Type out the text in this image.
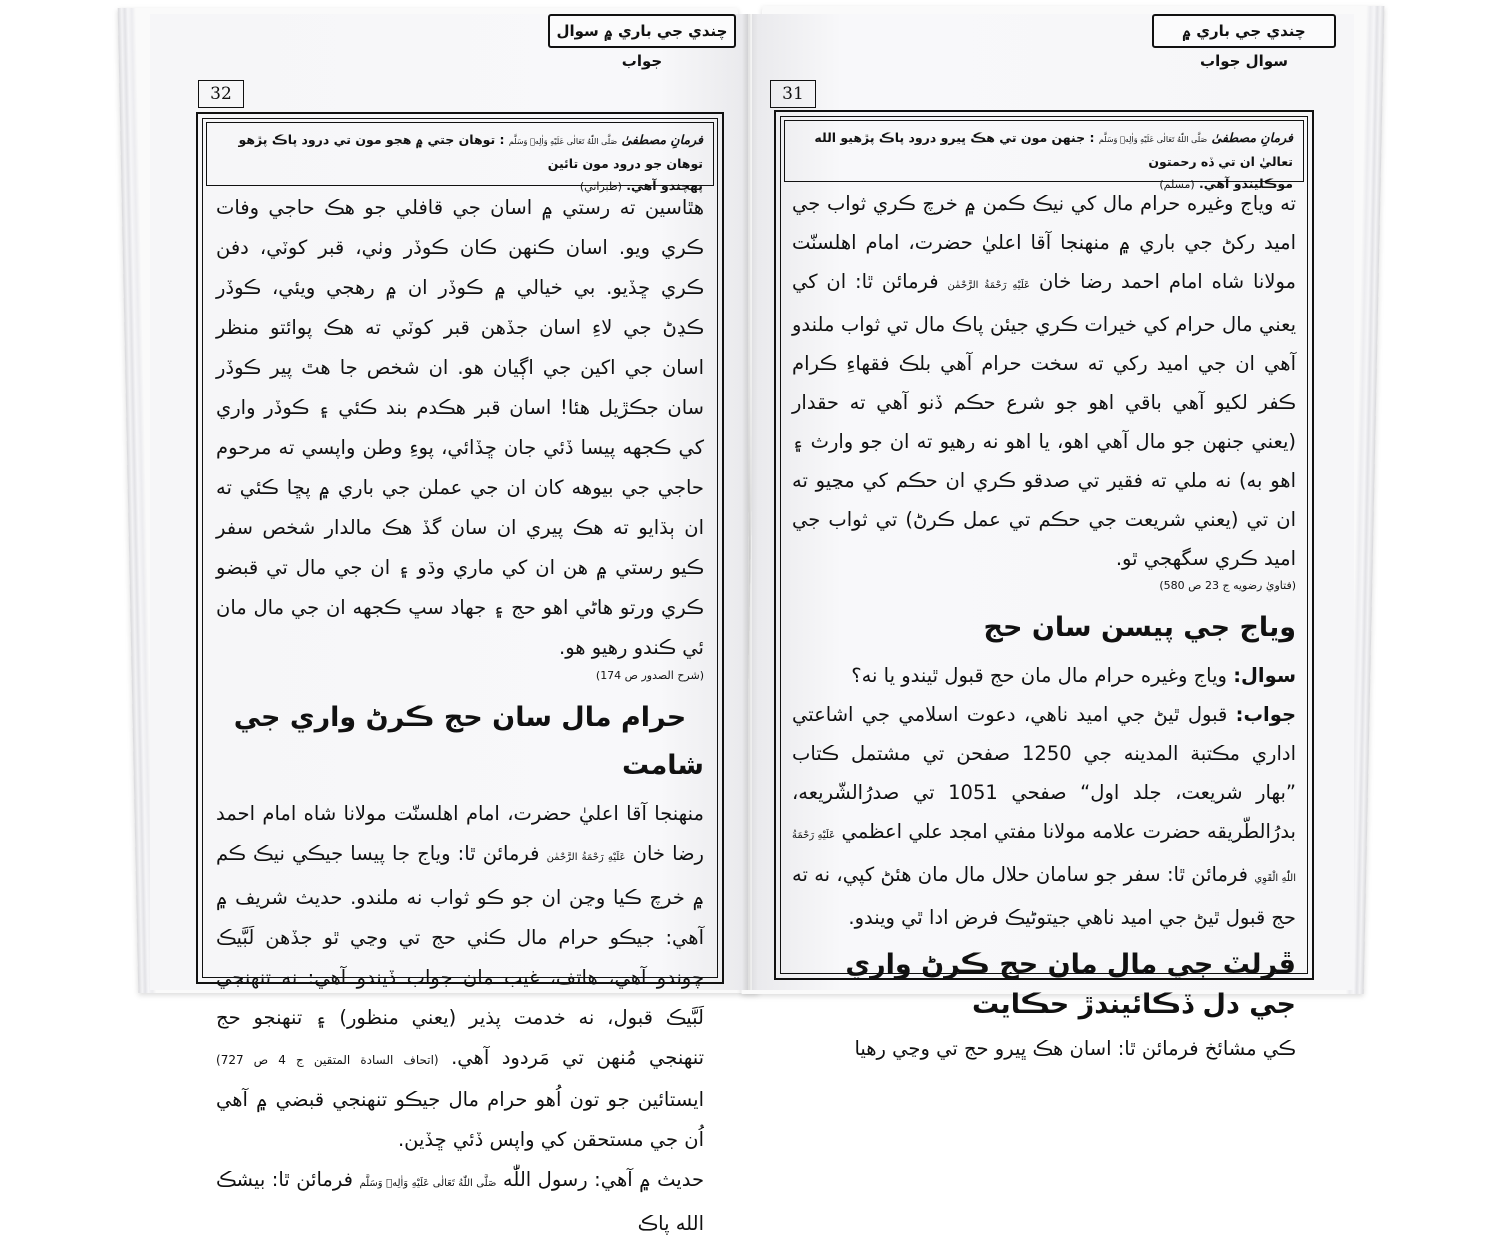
چندي جي باري ۾ سوال جواب
32
فرمانِ مصطفیٰ صَلَّى اللّٰهُ تَعَالٰى عَلَيْهِ وَاٰلِهٖ وَسَلَّم : توهان جتي ۾ هجو مون تي درود پاڪ پڙهو توهان جو درود مون تائين
پهچندو آهي. (طبراني)

هٿاسين ته رستي ۾ اسان جي قافلي جو هڪ حاجي وفات ڪري ويو. اسان ڪنهن ڪان ڪوڏر وٺي، قبر کوٽي، دفن ڪري ڇڏيو. بي خيالي ۾ ڪوڏر ان ۾ رهجي ويئي، ڪوڏر ڪڍڻ جي لاءِ اسان جڏهن قبر کوٽي ته هڪ پوائتو منظر اسان جي اکين جي اڳيان هو. ان شخص جا هٿ پير ڪوڏر سان جڪڙيل هئا! اسان قبر هڪدم بند ڪئي ۽ ڪوڏر واري کي ڪجهه پيسا ڏئي جان ڇڏائي، پوءِ وطن واپسي ته مرحوم حاجي جي بيوهه کان ان جي عملن جي باري ۾ پڇا ڪئي ته ان ٻڌايو ته هڪ پيري ان سان گڏ هڪ مالدار شخص سفر ڪيو رستي ۾ هن ان کي ماري وڌو ۽ ان جي مال تي قبضو ڪري ورتو هاڻي اهو حج ۽ جهاد سڀ ڪجهه ان جي مال مان ئي ڪندو رهيو هو.

(شرح الصدور ص 174)

حرام مال سان حج ڪرڻ واري جي شامت

منهنجا آقا اعليٰ حضرت، امام اهلسنّت مولانا شاه امام احمد رضا خان عَلَيْهِ رَحْمَةُ الرَّحْمٰن فرمائن ٿا: وياج جا پيسا جيڪي نيڪ ڪم ۾ خرچ ڪيا وڃن ان جو ڪو ثواب نه ملندو. حديث شريف ۾ آهي: جيڪو حرام مال ڪٺي حج تي وڃي ٿو جڏهن لَبَّيڪ چوندو آهي، هاتف، غيب مان جواب ڏيندو آهي: نه تنهنجي لَبَّيڪ قبول، نه خدمت پذير (يعني منظور) ۽ تنهنجو حج تنهنجي مُنهن تي مَردود آهي. (اتحاف السادة المتقين ج 4 ص 727) ايستائين جو تون اُهو حرام مال جيڪو تنهنجي قبضي ۾ آهي اُن جي مستحقن کي واپس ڏئي ڇڏين.

حديث ۾ آهي: رسول اللّٰه صَلَّى اللّٰهُ تَعَالٰى عَلَيْهِ وَاٰلِهٖ وَسَلَّم فرمائن ٿا: بيشڪ الله پاڪ

چندي جي باري ۾ سوال جواب
31
فرمانِ مصطفیٰ صَلَّى اللّٰهُ تَعَالٰى عَلَيْهِ وَاٰلِهٖ وَسَلَّم : جنهن مون تي هڪ ڀيرو درود پاڪ پڙهيو الله تعاليٰ ان تي ڏه رحمتون
موڪليندو آهي. (مسلم)

ته وياج وغيره حرام مال کي نيڪ ڪمن ۾ خرچ ڪري ثواب جي اميد رکڻ جي باري ۾ منهنجا آقا اعليٰ حضرت، امام اهلسنّت مولانا شاه امام احمد رضا خان عَلَيْهِ رَحْمَةُ الرَّحْمٰن فرمائن ٿا: ان کي يعني مال حرام کي خيرات ڪري جيئن پاڪ مال تي ثواب ملندو آهي ان جي اميد رکي ته سخت حرام آهي بلڪ فقهاءِ ڪرام ڪفر لکيو آهي باقي اهو جو شرع حڪم ڏنو آهي ته حقدار (يعني جنهن جو مال آهي اهو، يا اهو نه رهيو ته ان جو وارث ۽ اهو به) نه ملي ته فقير تي صدقو ڪري ان حڪم کي مڃيو ته ان تي (يعني شريعت جي حڪم تي عمل ڪرڻ) تي ثواب جي اميد ڪري سگهجي ٿو.

(فتاويٰ رضويه ج 23 ص 580)

وياج جي پيسن سان حج

سوال: وياج وغيره حرام مال مان حج قبول ٿيندو يا نه؟

جواب: قبول ٿيڻ جي اميد ناهي، دعوت اسلامي جي اشاعتي اداري مڪتبة المدينه جي 1250 صفحن تي مشتمل ڪتاب ”بهار شريعت، جلد اول“ صفحي 1051 تي صدرُالشّريعه، بدرُالطّريقه حضرت علامه مولانا مفتي امجد علي اعظمي عَلَيْهِ رَحْمَةُ اللّٰهِ الْقَوِي فرمائن ٿا: سفر جو سامان حلال مال مان هئڻ کپي، نه ته حج قبول ٿيڻ جي اميد ناهي جيتوڻيڪ فرض ادا ٿي ويندو.

ڦرلٽ جي مال مان حج ڪرڻ واري
جي دل ڏڪائيندڙ حڪايت

ڪي مشائخ فرمائن ٿا: اسان هڪ ڀيرو حج تي وڃي رهيا
